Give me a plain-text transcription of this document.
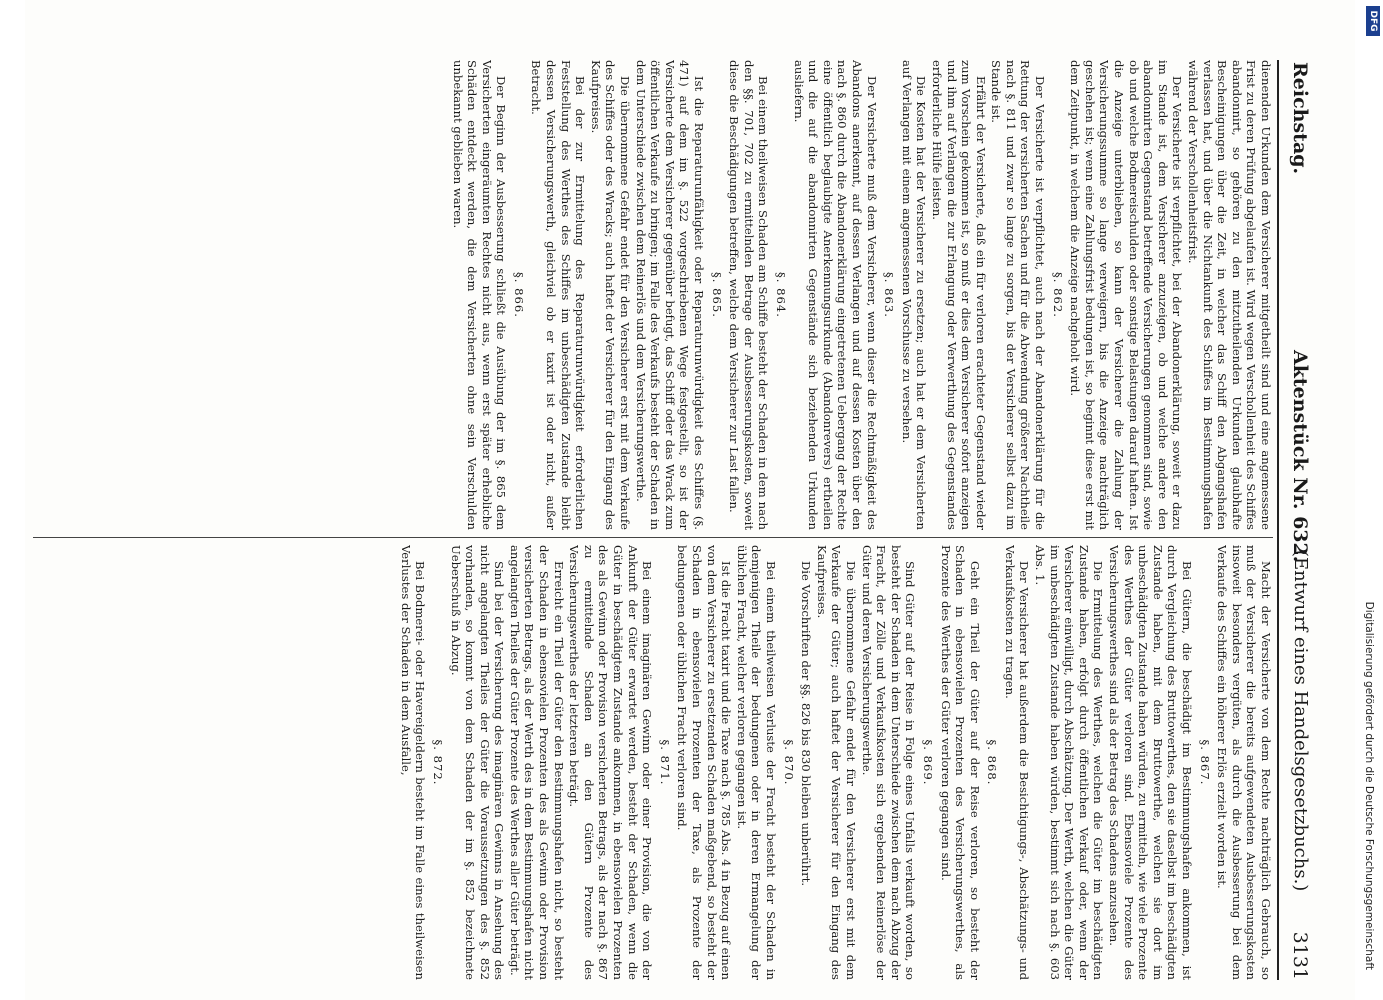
Reichstag.
Aktenstück Nr. 632.
(Entwurf eines Handelsgesetzbuchs.)
3131

dienenden Urkunden dem Versicherer mitgetheilt sind und eine angemessene Frist zu deren Prüfung abgelaufen ist. Wird wegen Verschollenheit des Schiffes abandonnirt, so gehören zu den mitzutheilenden Urkunden glaubhafte Bescheinigungen über die Zeit, in welcher das Schiff den Abgangshafen verlassen hat, und über die Nichtankunft des Schiffes im Bestimmungshafen während der Verschollenheitsfrist.

Der Versicherte ist verpflichtet, bei der Abandonerklärung, soweit er dazu im Stande ist, dem Versicherer anzuzeigen, ob und welche andere den abandonnirten Gegenstand betreffende Versicherungen genommen sind, sowie ob und welche Bodmereischulden oder sonstige Belastungen darauf haften. Ist die Anzeige unterblieben, so kann der Versicherer die Zahlung der Versicherungssumme so lange verweigern, bis die Anzeige nachträglich geschehen ist; wenn eine Zahlungsfrist bedungen ist, so beginnt diese erst mit dem Zeitpunkt, in welchem die Anzeige nachgeholt wird.

§. 862.

Der Versicherte ist verpflichtet, auch nach der Abandonerklärung für die Rettung der versicherten Sachen und für die Abwendung größerer Nachtheile nach §. 811 und zwar so lange zu sorgen, bis der Versicherer selbst dazu im Stande ist.

Erfährt der Versicherte, daß ein für verloren erachteter Gegenstand wieder zum Vorschein gekommen ist, so muß er dies dem Versicherer sofort anzeigen und ihm auf Verlangen die zur Erlangung oder Verwerthung des Gegenstandes erforderliche Hülfe leisten.

Die Kosten hat der Versicherer zu ersetzen; auch hat er dem Versicherten auf Verlangen mit einem angemessenen Vorschusse zu versehen.

§. 863.

Der Versicherte muß dem Versicherer, wenn dieser die Rechtmäßigkeit des Abandons anerkennt, auf dessen Verlangen und auf dessen Kosten über den nach §. 860 durch die Abandonerklärung eingetretenen Uebergang der Rechte eine öffentlich beglaubigte Anerkennungsurkunde (Abandonrevers) ertheilen und die auf die abandonnirten Gegenstände sich beziehenden Urkunden ausliefern.

§. 864.

Bei einem theilweisen Schaden am Schiffe besteht der Schaden in dem nach den §§. 701, 702 zu ermittelnden Betrage der Ausbesserungskosten, soweit diese die Beschädigungen betreffen, welche dem Versicherer zur Last fallen.

§. 865.

Ist die Reparaturunfähigkeit oder Reparaturunwürdigkeit des Schiffes (§. 471) auf dem im §. 522 vorgeschriebenen Wege festgestellt, so ist der Versicherte dem Versicherer gegenüber befugt, das Schiff oder das Wrack zum öffentlichen Verkaufe zu bringen; im Falle des Verkaufs besteht der Schaden in dem Unterschiede zwischen dem Reinerlös und dem Versicherungswerthe.

Die übernommene Gefahr endet für den Versicherer erst mit dem Verkaufe des Schiffes oder des Wracks; auch haftet der Versicherer für den Eingang des Kaufpreises.

Bei der zur Ermittelung des Reparaturunwürdigkeit erforderlichen Feststellung des Werthes des Schiffes im unbeschädigten Zustande bleibt dessen Versicherungswerth, gleichviel ob er taxirt ist oder nicht, außer Betracht.

§. 866.

Der Beginn der Ausbesserung schließt die Ausübung der im §. 865 dem Versicherten eingeräumten Rechtes nicht aus, wenn erst später erhebliche Schäden entdeckt werden, die dem Versicherten ohne sein Verschulden unbekannt geblieben waren.

Macht der Versicherte von dem Rechte nachträglich Gebrauch, so muß der Versicherer die bereits aufgewendeten Ausbesserungskosten insoweit besonders vergüten, als durch die Ausbesserung bei dem Verkaufe des Schiffes ein höherer Erlös erzielt worden ist.

§. 867.

Bei Gütern, die beschädigt im Bestimmungshafen ankommen, ist durch Vergleichung des Bruttowerthes, den sie daselbst im beschädigten Zustande haben, mit dem Bruttowerthe, welchen sie dort im unbeschädigten Zustande haben würden, zu ermitteln, wie viele Prozente des Werthes der Güter verloren sind. Ebensoviele Prozente des Versicherungswerthes sind als der Betrag des Schadens anzusehen.

Die Ermittelung des Werthes, welchen die Güter im beschädigten Zustande haben, erfolgt durch öffentlichen Verkauf oder, wenn der Versicherer einwilligt, durch Abschätzung. Der Werth, welchen die Güter im unbeschädigten Zustande haben würden, bestimmt sich nach §. 603 Abs. 1.

Der Versicherer hat außerdem die Besichtigungs-, Abschätzungs- und Verkaufskosten zu tragen.

§. 868.

Geht ein Theil der Güter auf der Reise verloren, so besteht der Schaden in ebensovielen Prozenten des Versicherungswerthes, als Prozente des Werthes der Güter verloren gegangen sind.

§. 869.

Sind Güter auf der Reise in Folge eines Unfalls verkauft worden, so besteht der Schaden in dem Unterschiede zwischen dem nach Abzug der Fracht, der Zölle und Verkaufskosten sich ergebenden Reinerlöse der Güter und deren Versicherungswerthe.

Die übernommene Gefahr endet für den Versicherer erst mit dem Verkaufe der Güter; auch haftet der Versicherer für den Eingang des Kaufpreises.

Die Vorschriften der §§. 826 bis 830 bleiben unberührt.

§. 870.

Bei einem theilweisen Verluste der Fracht besteht der Schaden in demjenigen Theile der bedungenen oder in deren Ermangelung der üblichen Fracht, welcher verloren gegangen ist.

Ist die Fracht taxirt und die Taxe nach §. 785 Abs. 4 in Bezug auf einen von dem Versicherer zu ersetzenden Schaden maßgebend, so besteht der Schaden in ebensovielen Prozenten der Taxe, als Prozente der bedungenen oder üblichen Fracht verloren sind.

§. 871.

Bei einem imaginären Gewinn oder einer Provision, die von der Ankunft der Güter erwartet werden, besteht der Schaden, wenn die Güter in beschädigtem Zustande ankommen, in ebensovielen Prozenten des als Gewinn oder Provision versicherten Betrags, als der nach §. 867 zu ermittelnde Schaden an den Gütern Prozente des Versicherungswerthes der letzteren beträgt.

Erreicht ein Theil der Güter den Bestimmungshafen nicht, so besteht der Schaden in ebensovielen Prozenten des als Gewinn oder Provision versicherten Betrags, als der Werth des in dem Bestimmungshafen nicht angelangten Theiles der Güter Prozente des Werthes aller Güter beträgt.

Sind bei der Versicherung des imaginären Gewinns in Ansehung des nicht angelangten Theiles der Güter die Voraussetzungen des §. 852 vorhanden, so kommt von dem Schaden der im §. 852 bezeichnete Ueberschuß in Abzug.

§. 872.

Bei Bodmerei- oder Havereigeldern besteht im Falle eines theilweisen Verlustes der Schaden in dem Ausfalle,

DFG
Digitalisierung gefördert durch die Deutsche Forschungsgemeinschaft
